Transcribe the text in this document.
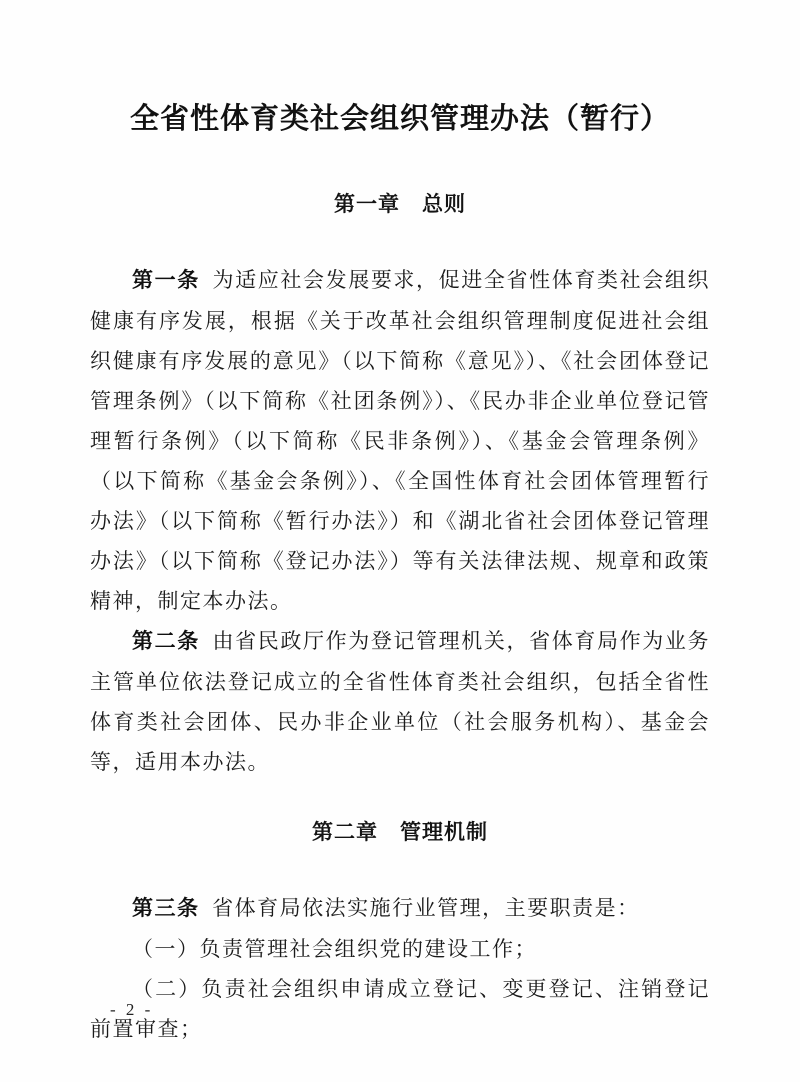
全省性体育类社会组织管理办法（暂行）
第一章　总则

第一条 为适应社会发展要求，促进全省性体育类社会组织健康有序发展，根据《关于改革社会组织管理制度促进社会组织健康有序发展的意见》（以下简称《意见》）、《社会团体登记管理条例》（以下简称《社团条例》）、《民办非企业单位登记管理暂行条例》（以下简称《民非条例》）、《基金会管理条例》（以下简称《基金会条例》）、《全国性体育社会团体管理暂行办法》（以下简称《暂行办法》）和《湖北省社会团体登记管理办法》（以下简称《登记办法》）等有关法律法规、规章和政策精神，制定本办法。

第二条 由省民政厅作为登记管理机关，省体育局作为业务主管单位依法登记成立的全省性体育类社会组织，包括全省性体育类社会团体、民办非企业单位（社会服务机构）、基金会等，适用本办法。

第二章　管理机制

第三条 省体育局依法实施行业管理，主要职责是：

（一）负责管理社会组织党的建设工作；

（二）负责社会组织申请成立登记、变更登记、注销登记前置审查；

- 2 -
